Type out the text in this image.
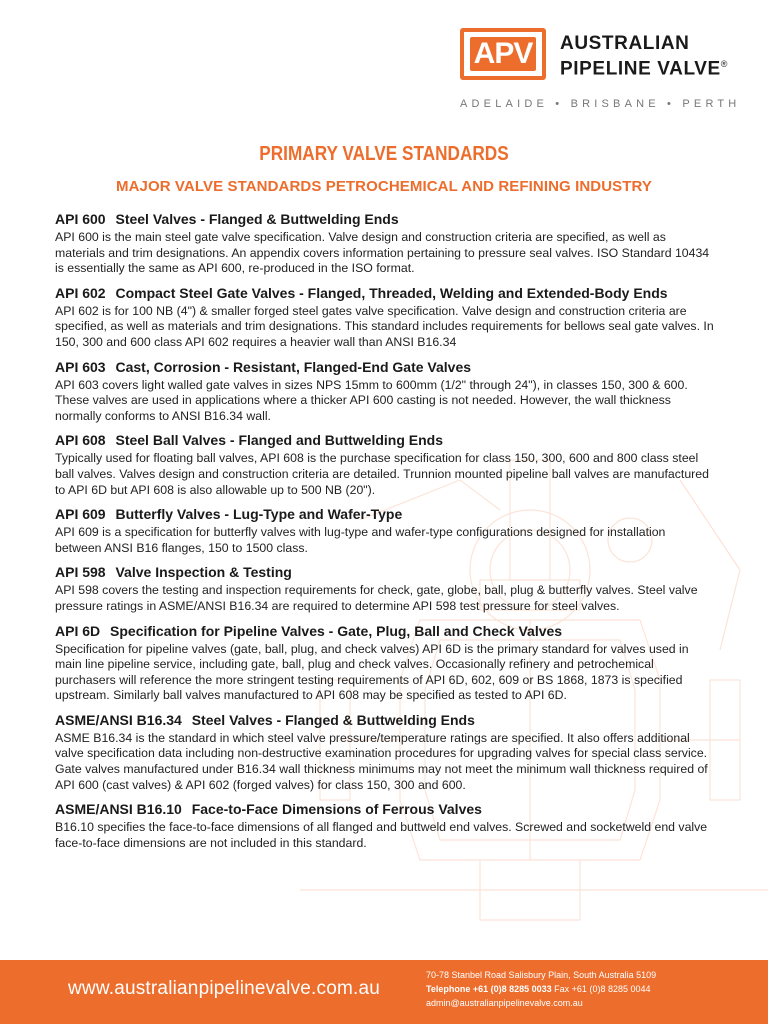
APV AUSTRALIAN
PIPELINE VALVE®
ADELAIDE • BRISBANE • PERTH
PRIMARY VALVE STANDARDS
MAJOR VALVE STANDARDS PETROCHEMICAL AND REFINING INDUSTRY
API 600 Steel Valves - Flanged & Buttwelding Ends
API 600 is the main steel gate valve specification. Valve design and construction criteria are specified, as well as materials and trim designations. An appendix covers information pertaining to pressure seal valves. ISO Standard 10434 is essentially the same as API 600, re-produced in the ISO format.
API 602 Compact Steel Gate Valves - Flanged, Threaded, Welding and Extended-Body Ends
API 602 is for 100 NB (4") & smaller forged steel gates valve specification. Valve design and construction criteria are specified, as well as materials and trim designations. This standard includes requirements for bellows seal gate valves. In 150, 300 and 600 class API 602 requires a heavier wall than ANSI B16.34
API 603 Cast, Corrosion - Resistant, Flanged-End Gate Valves
API 603 covers light walled gate valves in sizes NPS 15mm to 600mm (1/2" through 24"), in classes 150, 300 & 600. These valves are used in applications where a thicker API 600 casting is not needed. However, the wall thickness normally conforms to ANSI B16.34 wall.
API 608 Steel Ball Valves - Flanged and Buttwelding Ends
Typically used for floating ball valves, API 608 is the purchase specification for class 150, 300, 600 and 800 class steel ball valves. Valves design and construction criteria are detailed. Trunnion mounted pipeline ball valves are manufactured to API 6D but API 608 is also allowable up to 500 NB (20").
API 609 Butterfly Valves - Lug-Type and Wafer-Type
API 609 is a specification for butterfly valves with lug-type and wafer-type configurations designed for installation between ANSI B16 flanges, 150 to 1500 class.
API 598 Valve Inspection & Testing
API 598 covers the testing and inspection requirements for check, gate, globe, ball, plug & butterfly valves. Steel valve pressure ratings in ASME/ANSI B16.34 are required to determine API 598 test pressure for steel valves.
API 6D Specification for Pipeline Valves - Gate, Plug, Ball and Check Valves
Specification for pipeline valves (gate, ball, plug, and check valves) API 6D is the primary standard for valves used in main line pipeline service, including gate, ball, plug and check valves. Occasionally refinery and petrochemical purchasers will reference the more stringent testing requirements of API 6D, 602, 609 or BS 1868, 1873 is specified upstream. Similarly ball valves manufactured to API 608 may be specified as tested to API 6D.
ASME/ANSI B16.34 Steel Valves - Flanged & Buttwelding Ends
ASME B16.34 is the standard in which steel valve pressure/temperature ratings are specified. It also offers additional valve specification data including non-destructive examination procedures for upgrading valves for special class service. Gate valves manufactured under B16.34 wall thickness minimums may not meet the minimum wall thickness required of API 600 (cast valves) & API 602 (forged valves) for class 150, 300 and 600.
ASME/ANSI B16.10 Face-to-Face Dimensions of Ferrous Valves
B16.10 specifies the face-to-face dimensions of all flanged and buttweld end valves. Screwed and socketweld end valve face-to-face dimensions are not included in this standard.
www.australianpipelinevalve.com.au
70-78 Stanbel Road Salisbury Plain, South Australia 5109
Telephone +61 (0)8 8285 0033 Fax +61 (0)8 8285 0044
admin@australianpipelinevalve.com.au
